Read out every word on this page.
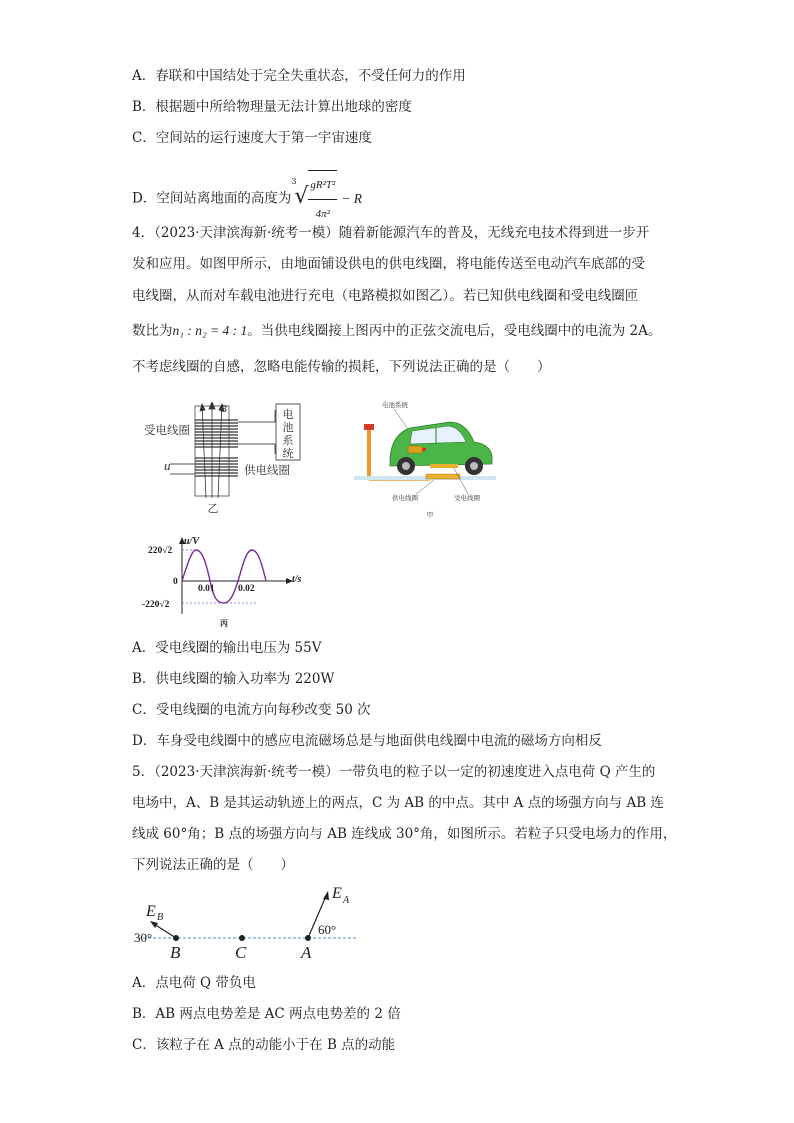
A．春联和中国结处于完全失重状态，不受任何力的作用
B．根据题中所给物理量无法计算出地球的密度
C．空间站的运行速度大于第一宇宙速度
D．空间站离地面的高度为
3
√ $\frac{\text{gR²T²}}{\text{4π²}} - R$
4．（2023·天津滨海新·统考一模）随着新能源汽车的普及，无线充电技术得到进一步开
发和应用。如图甲所示，由地面铺设供电的供电线圈，将电能传送至电动汽车底部的受
电线圈，从而对车载电池进行充电（电路模拟如图乙）。若已知供电线圈和受电线圈匝
数比为n₁ : n₂ = 4 : 1。当供电线圈接上图丙中的正弦交流电后，受电线圈中的电流为 2A。
不考虑线圈的自感，忽略电能传输的损耗，下列说法正确的是（　　）
电
池
系
统
受电线圈
供电线圈
u
B
乙
电池系统
供电线圈	受电线圈
甲
u/V
t/s
220√2
-220√2
0
0.01 0.02
丙
A．受电线圈的输出电压为 55V
B．供电线圈的输入功率为 220W
C．受电线圈的电流方向每秒改变 50 次
D．车身受电线圈中的感应电流磁场总是与地面供电线圈中电流的磁场方向相反
5．（2023·天津滨海新·统考一模）一带负电的粒子以一定的初速度进入点电荷 Q 产生的
电场中，A、B 是其运动轨迹上的两点，C 为 AB 的中点。其中 A 点的场强方向与 AB 连
线成 60°角；B 点的场强方向与 AB 连线成 30°角，如图所示。若粒子只受电场力的作用，
下列说法正确的是（　　）
E B
E A
30°
60°
B	C	A
A．点电荷 Q 带负电
B．AB 两点电势差是 AC 两点电势差的 2 倍
C．该粒子在 A 点的动能小于在 B 点的动能
